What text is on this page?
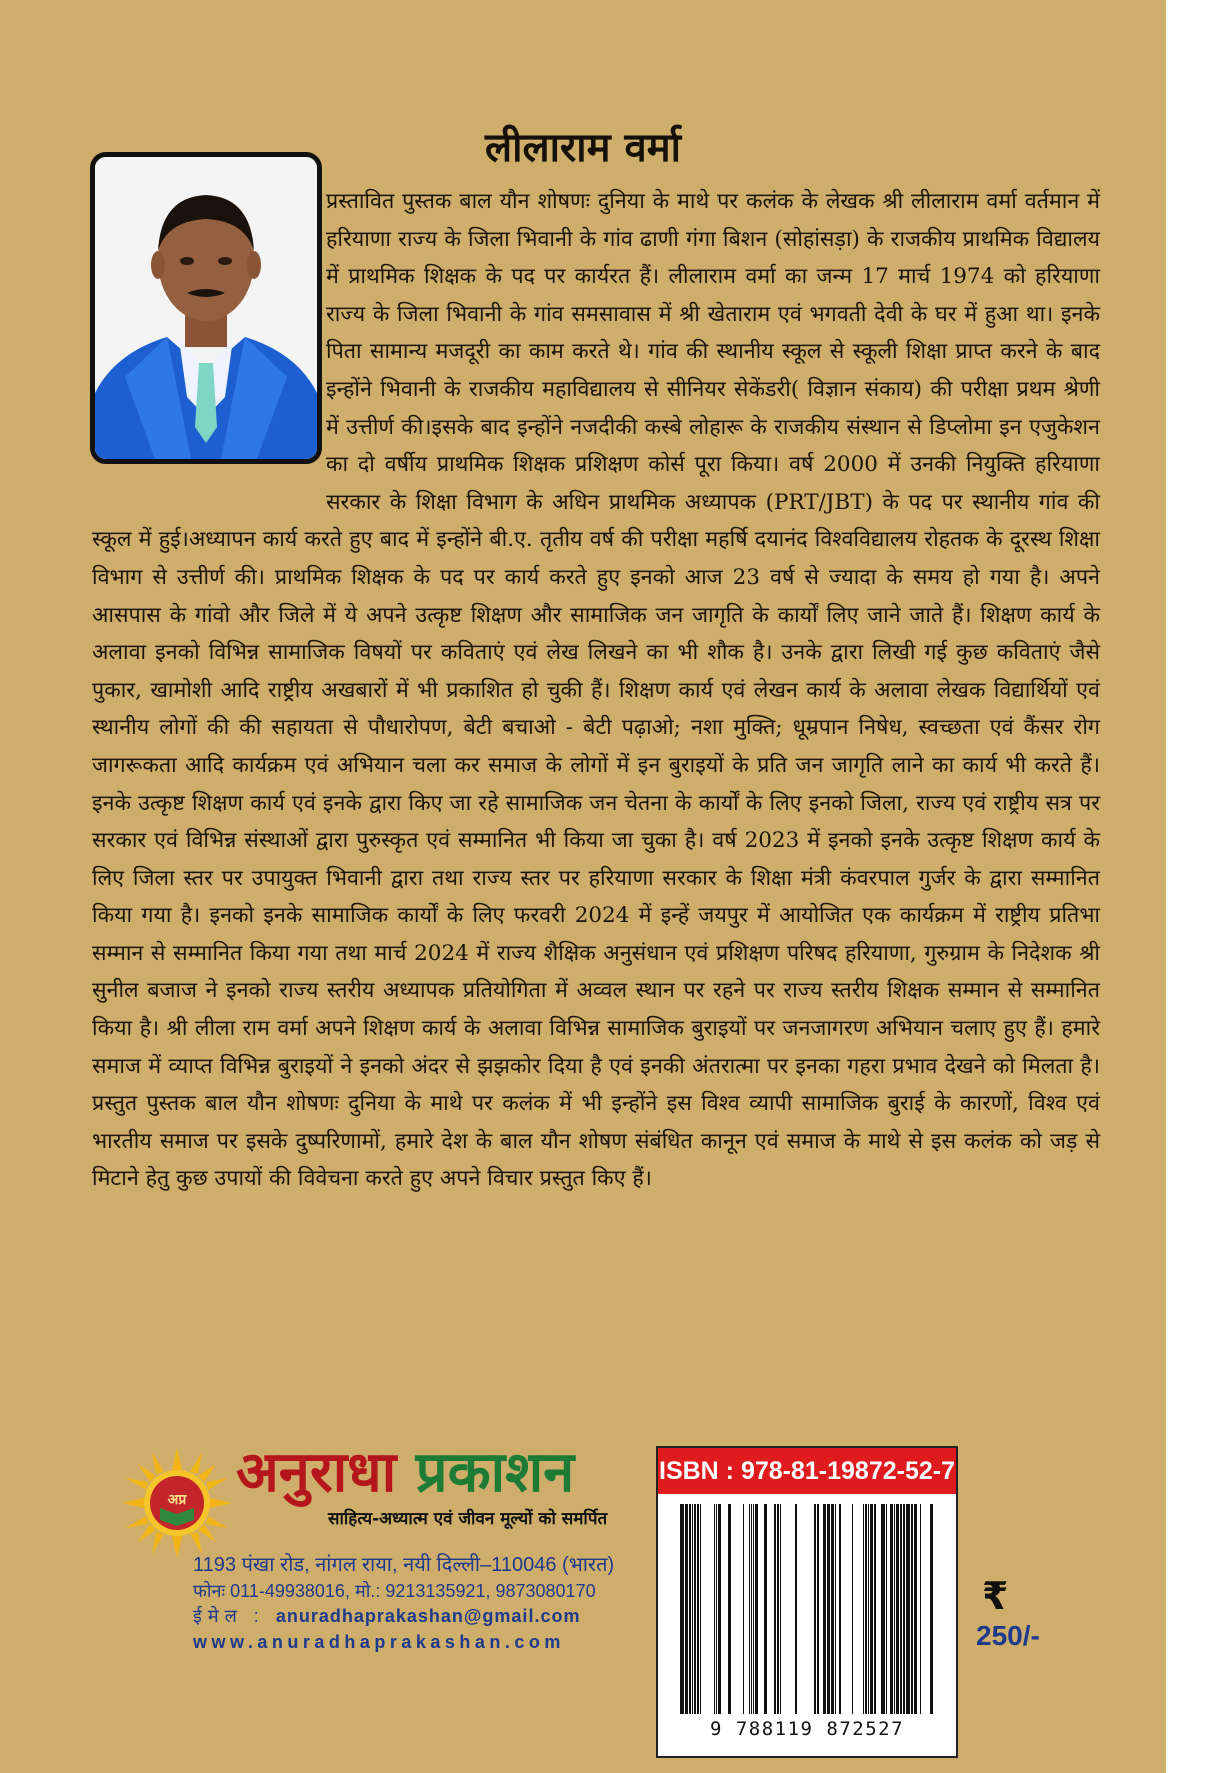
लीलाराम वर्मा

प्रस्तावित पुस्तक बाल यौन शोषणः दुनिया के माथे पर कलंक के लेखक श्री लीलाराम वर्मा वर्तमान में हरियाणा राज्य के जिला भिवानी के गांव ढाणी गंगा बिशन (सोहांसड़ा) के राजकीय प्राथमिक विद्यालय में प्राथमिक शिक्षक के पद पर कार्यरत हैं। लीलाराम वर्मा का जन्म 17 मार्च 1974 को हरियाणा राज्य के जिला भिवानी के गांव समसावास में श्री खेताराम एवं भगवती देवी के घर में हुआ था। इनके पिता सामान्य मजदूरी का काम करते थे। गांव की स्थानीय स्कूल से स्कूली शिक्षा प्राप्त करने के बाद इन्होंने भिवानी के राजकीय महाविद्यालय से सीनियर सेकेंडरी( विज्ञान संकाय) की परीक्षा प्रथम श्रेणी में उत्तीर्ण की।इसके बाद इन्होंने नजदीकी कस्बे लोहारू के राजकीय संस्थान से डिप्लोमा इन एजुकेशन का दो वर्षीय प्राथमिक शिक्षक प्रशिक्षण कोर्स पूरा किया। वर्ष 2000 में उनकी नियुक्ति हरियाणा सरकार के शिक्षा विभाग के अधिन प्राथमिक अध्यापक (PRT/JBT) के पद पर स्थानीय गांव की स्कूल में हुई।अध्यापन कार्य करते हुए बाद में इन्होंने बी.ए. तृतीय वर्ष की परीक्षा महर्षि दयानंद विश्वविद्यालय रोहतक के दूरस्थ शिक्षा विभाग से उत्तीर्ण की। प्राथमिक शिक्षक के पद पर कार्य करते हुए इनको आज 23 वर्ष से ज्यादा के समय हो गया है। अपने आसपास के गांवो और जिले में ये अपने उत्कृष्ट शिक्षण और सामाजिक जन जागृति के कार्यों लिए जाने जाते हैं। शिक्षण कार्य के अलावा इनको विभिन्न सामाजिक विषयों पर कविताएं एवं लेख लिखने का भी शौक है। उनके द्वारा लिखी गई कुछ कविताएं जैसे पुकार, खामोशी आदि राष्ट्रीय अखबारों में भी प्रकाशित हो चुकी हैं। शिक्षण कार्य एवं लेखन कार्य के अलावा लेखक विद्यार्थियों एवं स्थानीय लोगों की की सहायता से पौधारोपण, बेटी बचाओ - बेटी पढ़ाओ; नशा मुक्ति; धूम्रपान निषेध, स्वच्छता एवं कैंसर रोग जागरूकता आदि कार्यक्रम एवं अभियान चला कर समाज के लोगों में इन बुराइयों के प्रति जन जागृति लाने का कार्य भी करते हैं। इनके उत्कृष्ट शिक्षण कार्य एवं इनके द्वारा किए जा रहे सामाजिक जन चेतना के कार्यों के लिए इनको जिला, राज्य एवं राष्ट्रीय सत्र पर सरकार एवं विभिन्न संस्थाओं द्वारा पुरुस्कृत एवं सम्मानित भी किया जा चुका है। वर्ष 2023 में इनको इनके उत्कृष्ट शिक्षण कार्य के लिए जिला स्तर पर उपायुक्त भिवानी द्वारा तथा राज्य स्तर पर हरियाणा सरकार के शिक्षा मंत्री कंवरपाल गुर्जर के द्वारा सम्मानित किया गया है। इनको इनके सामाजिक कार्यों के लिए फरवरी 2024 में इन्हें जयपुर में आयोजित एक कार्यक्रम में राष्ट्रीय प्रतिभा सम्मान से सम्मानित किया गया तथा मार्च 2024 में राज्य शैक्षिक अनुसंधान एवं प्रशिक्षण परिषद हरियाणा, गुरुग्राम के निदेशक श्री सुनील बजाज ने इनको राज्य स्तरीय अध्यापक प्रतियोगिता में अव्वल स्थान पर रहने पर राज्य स्तरीय शिक्षक सम्मान से सम्मानित किया है। श्री लीला राम वर्मा अपने शिक्षण कार्य के अलावा विभिन्न सामाजिक बुराइयों पर जनजागरण अभियान चलाए हुए हैं। हमारे समाज में व्याप्त विभिन्न बुराइयों ने इनको अंदर से झझकोर दिया है एवं इनकी अंतरात्मा पर इनका गहरा प्रभाव देखने को मिलता है। प्रस्तुत पुस्तक बाल यौन शोषणः दुनिया के माथे पर कलंक में भी इन्होंने इस विश्व व्यापी सामाजिक बुराई के कारणों, विश्व एवं भारतीय समाज पर इसके दुष्परिणामों, हमारे देश के बाल यौन शोषण संबंधित कानून एवं समाज के माथे से इस कलंक को जड़ से मिटाने हेतु कुछ उपायों की विवेचना करते हुए अपने विचार प्रस्तुत किए हैं।

अप्र अनुराधा प्रकाशन
साहित्य-अध्यात्म एवं जीवन मूल्यों को समर्पित
1193 पंखा रोड, नांगल राया, नयी दिल्ली–110046 (भारत)
फोनः 011-49938016, मो.: 9213135921, 9873080170
ईमेल : anuradhaprakashan@gmail.com
www.anuradhaprakashan.com
ISBN : 978-81-19872-52-7
9 788119 872527
₹
250/-
